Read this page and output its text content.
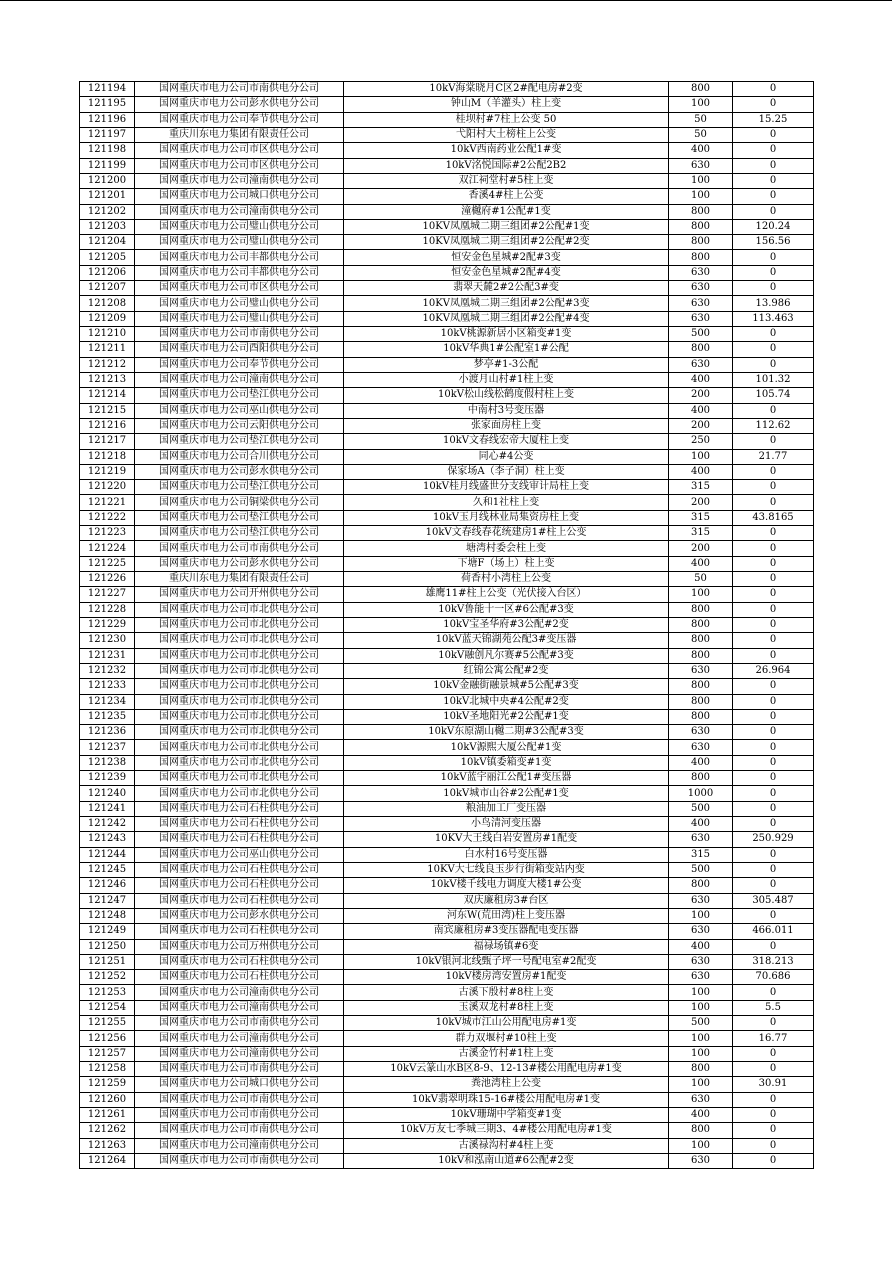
121194	国网重庆市电力公司市南供电分公司	10kV海棠晓月C区2#配电房#2变	800	0
121195	国网重庆市电力公司彭水供电分公司	钟山M（羊灌头）柱上变	100	0
121196	国网重庆市电力公司奉节供电分公司	桂坝村#7柱上公变 50	50	15.25
121197	重庆川东电力集团有限责任公司	弋阳村大土榜柱上公变	50	0
121198	国网重庆市电力公司市区供电分公司	10kV西南药业公配1#变	400	0
121199	国网重庆市电力公司市区供电分公司	10kV洺悦国际#2公配2B2	630	0
121200	国网重庆市电力公司潼南供电分公司	双江祠堂村#5柱上变	100	0
121201	国网重庆市电力公司城口供电分公司	香溪4#柱上公变	100	0
121202	国网重庆市电力公司潼南供电分公司	潼樾府#1公配#1变	800	0
121203	国网重庆市电力公司璧山供电分公司	10KV凤凰城二期三组团#2公配#1变	800	120.24
121204	国网重庆市电力公司璧山供电分公司	10KV凤凰城二期三组团#2公配#2变	800	156.56
121205	国网重庆市电力公司丰都供电分公司	恒安金色星城#2配#3变	800	0
121206	国网重庆市电力公司丰都供电分公司	恒安金色星城#2配#4变	630	0
121207	国网重庆市电力公司市区供电分公司	翡翠天麓2#2公配3#变	630	0
121208	国网重庆市电力公司璧山供电分公司	10KV凤凰城二期三组团#2公配#3变	630	13.986
121209	国网重庆市电力公司璧山供电分公司	10KV凤凰城二期三组团#2公配#4变	630	113.463
121210	国网重庆市电力公司市南供电分公司	10kV桃源新居小区箱变#1变	500	0
121211	国网重庆市电力公司酉阳供电分公司	10kV华典1#公配室1#公配	800	0
121212	国网重庆市电力公司奉节供电分公司	梦亭#1-3公配	630	0
121213	国网重庆市电力公司潼南供电分公司	小渡月山村#1柱上变	400	101.32
121214	国网重庆市电力公司垫江供电分公司	10kV松山线松鹤度假村柱上变	200	105.74
121215	国网重庆市电力公司巫山供电分公司	中南村3号变压器	400	0
121216	国网重庆市电力公司云阳供电分公司	张家面房柱上变	200	112.62
121217	国网重庆市电力公司垫江供电分公司	10kV文春线宏帝大厦柱上变	250	0
121218	国网重庆市电力公司合川供电分公司	同心#4公变	100	21.77
121219	国网重庆市电力公司彭水供电分公司	保家场A（李子洞）柱上变	400	0
121220	国网重庆市电力公司垫江供电分公司	10kV桂月线盛世分支线审计局柱上变	315	0
121221	国网重庆市电力公司铜梁供电分公司	久和1社柱上变	200	0
121222	国网重庆市电力公司垫江供电分公司	10kV玉月线林业局集资房柱上变	315	43.8165
121223	国网重庆市电力公司垫江供电分公司	10kV文春线春花统建房1#柱上公变	315	0
121224	国网重庆市电力公司市南供电分公司	塘湾村委会柱上变	200	0
121225	国网重庆市电力公司彭水供电分公司	下塘F（场上）柱上变	400	0
121226	重庆川东电力集团有限责任公司	荷香村小湾柱上公变	50	0
121227	国网重庆市电力公司开州供电分公司	雄鹰11#柱上公变（光伏接入台区）	100	0
121228	国网重庆市电力公司市北供电分公司	10kV鲁能十一区#6公配#3变	800	0
121229	国网重庆市电力公司市北供电分公司	10kV宝圣华府#3公配#2变	800	0
121230	国网重庆市电力公司市北供电分公司	10kV蓝天锦湖苑公配3#变压器	800	0
121231	国网重庆市电力公司市北供电分公司	10kV融创凡尔赛#5公配#3变	800	0
121232	国网重庆市电力公司市北供电分公司	红锦公寓公配#2变	630	26.964
121233	国网重庆市电力公司市北供电分公司	10kV金融街融景城#5公配#3变	800	0
121234	国网重庆市电力公司市北供电分公司	10kV北城中央#4公配#2变	800	0
121235	国网重庆市电力公司市北供电分公司	10kV圣地阳光#2公配#1变	800	0
121236	国网重庆市电力公司市北供电分公司	10kV东原湖山樾二期#3公配#3变	630	0
121237	国网重庆市电力公司市北供电分公司	10kV源熙大厦公配#1变	630	0
121238	国网重庆市电力公司市北供电分公司	10kV镇委箱变#1变	400	0
121239	国网重庆市电力公司市北供电分公司	10kV蓝宇丽江公配1#变压器	800	0
121240	国网重庆市电力公司市北供电分公司	10kV城市山谷#2公配#1变	1000	0
121241	国网重庆市电力公司石柱供电分公司	粮油加工厂变压器	500	0
121242	国网重庆市电力公司石柱供电分公司	小鸟清河变压器	400	0
121243	国网重庆市电力公司石柱供电分公司	10KV大王线白岩安置房#1配变	630	250.929
121244	国网重庆市电力公司巫山供电分公司	白水村16号变压器	315	0
121245	国网重庆市电力公司石柱供电分公司	10KV大七线良玉步行街箱变站内变	500	0
121246	国网重庆市电力公司石柱供电分公司	10kV楼千线电力调度大楼1#公变	800	0
121247	国网重庆市电力公司石柱供电分公司	双庆廉租房3#台区	630	305.487
121248	国网重庆市电力公司彭水供电分公司	河东W(荒田湾)柱上变压器	100	0
121249	国网重庆市电力公司石柱供电分公司	南宾廉租房#3变压器配电变压器	630	466.011
121250	国网重庆市电力公司万州供电分公司	福禄场镇#6变	400	0
121251	国网重庆市电力公司石柱供电分公司	10kV银河北线甄子坪一号配电室#2配变	630	318.213
121252	国网重庆市电力公司石柱供电分公司	10kV楼房湾安置房#1配变	630	70.686
121253	国网重庆市电力公司潼南供电分公司	古溪下殷村#8柱上变	100	0
121254	国网重庆市电力公司潼南供电分公司	玉溪双龙村#8柱上变	100	5.5
121255	国网重庆市电力公司市南供电分公司	10kV城市江山公用配电房#1变	500	0
121256	国网重庆市电力公司潼南供电分公司	群力双堰村#10柱上变	100	16.77
121257	国网重庆市电力公司潼南供电分公司	古溪金竹村#1柱上变	100	0
121258	国网重庆市电力公司市南供电分公司	10kV云篆山水B区8-9、12-13#楼公用配电房#1变	800	0
121259	国网重庆市电力公司城口供电分公司	粪池湾柱上公变	100	30.91
121260	国网重庆市电力公司市南供电分公司	10kV翡翠明珠15-16#楼公用配电房#1变	630	0
121261	国网重庆市电力公司市南供电分公司	10kV珊瑚中学箱变#1变	400	0
121262	国网重庆市电力公司市南供电分公司	10kV万友七季城三期3、4#楼公用配电房#1变	800	0
121263	国网重庆市电力公司潼南供电分公司	古溪禄沟村#4柱上变	100	0
121264	国网重庆市电力公司市南供电分公司	10kV和泓南山道#6公配#2变	630	0
